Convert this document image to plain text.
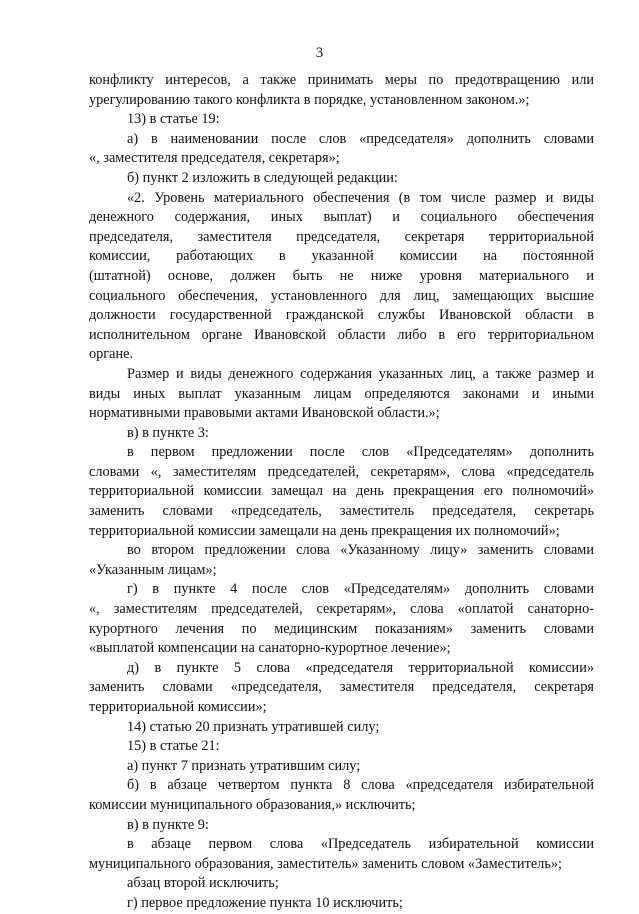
3
конфликту интересов, а также принимать меры по предотвращению или
урегулированию такого конфликта в порядке, установленном законом.»;
13) в статье 19:
а) в наименовании после слов «председателя» дополнить словами
«, заместителя председателя, секретаря»;
б) пункт 2 изложить в следующей редакции:
«2. Уровень материального обеспечения (в том числе размер и виды
денежного содержания, иных выплат) и социального обеспечения
председателя, заместителя председателя, секретаря территориальной
комиссии, работающих в указанной комиссии на постоянной
(штатной) основе, должен быть не ниже уровня материального и
социального обеспечения, установленного для лиц, замещающих высшие
должности государственной гражданской службы Ивановской области в
исполнительном органе Ивановской области либо в его территориальном
органе.
Размер и виды денежного содержания указанных лиц, а также размер и
виды иных выплат указанным лицам определяются законами и иными
нормативными правовыми актами Ивановской области.»;
в) в пункте 3:
в первом предложении после слов «Председателям» дополнить
словами «, заместителям председателей, секретарям», слова «председатель
территориальной комиссии замещал на день прекращения его полномочий»
заменить словами «председатель, заместитель председателя, секретарь
территориальной комиссии замещали на день прекращения их полномочий»;
во втором предложении слова «Указанному лицу» заменить словами
«Указанным лицам»;
г) в пункте 4 после слов «Председателям» дополнить словами
«, заместителям председателей, секретарям», слова «оплатой санаторно-
курортного лечения по медицинским показаниям» заменить словами
«выплатой компенсации на санаторно-курортное лечение»;
д) в пункте 5 слова «председателя территориальной комиссии»
заменить словами «председателя, заместителя председателя, секретаря
территориальной комиссии»;
14) статью 20 признать утратившей силу;
15) в статье 21:
а) пункт 7 признать утратившим силу;
б) в абзаце четвертом пункта 8 слова «председателя избирательной
комиссии муниципального образования,» исключить;
в) в пункте 9:
в абзаце первом слова «Председатель избирательной комиссии
муниципального образования, заместитель» заменить словом «Заместитель»;
абзац второй исключить;
г) первое предложение пункта 10 исключить;
